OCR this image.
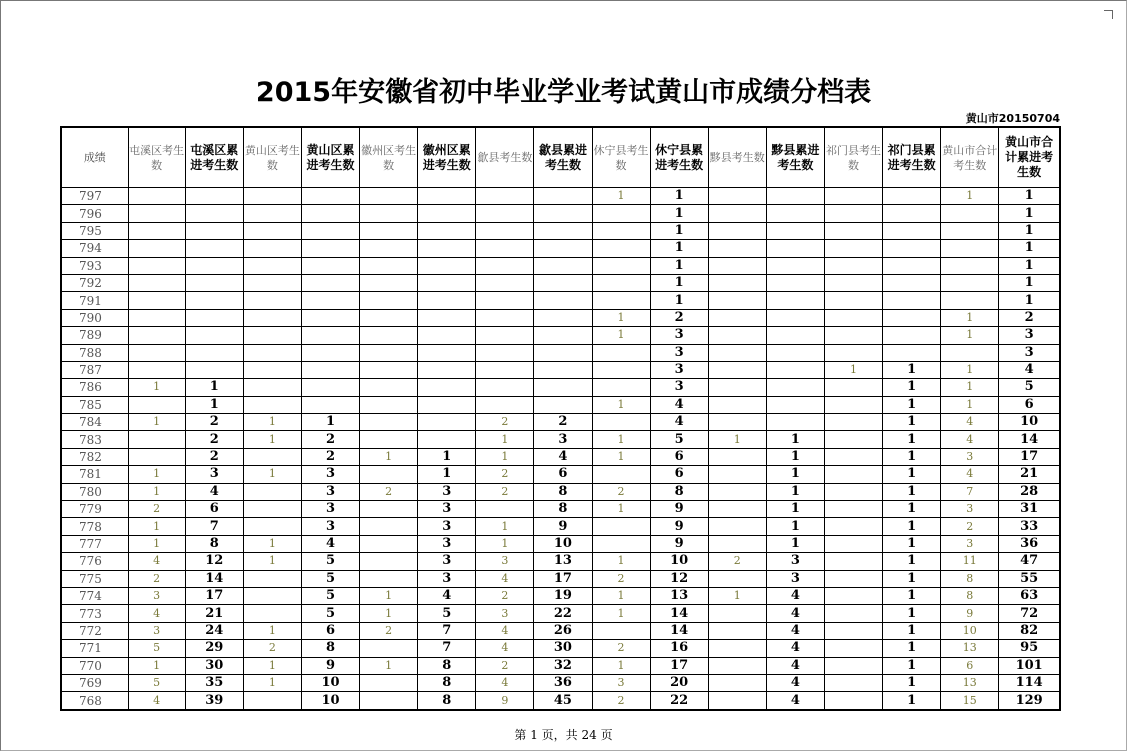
2015年安徽省初中毕业学业考试黄山市成绩分档表
黄山市20150704
成绩	屯溪区考生数	屯溪区累进考生数	黄山区考生数	黄山区累进考生数	徽州区考生数	徽州区累进考生数	歙县考生数	歙县累进考生数	休宁县考生数	休宁县累进考生数	黟县考生数	黟县累进考生数	祁门县考生数	祁门县累进考生数	黄山市合计考生数	黄山市合计累进考生数
797									1	1					1	1
796										1						1
795										1						1
794										1						1
793										1						1
792										1						1
791										1						1
790									1	2					1	2
789									1	3					1	3
788										3						3
787										3			1	1	1	4
786	1	1								3				1	1	5
785		1							1	4				1	1	6
784	1	2	1	1			2	2		4				1	4	10
783		2	1	2			1	3	1	5	1	1		1	4	14
782		2		2	1	1	1	4	1	6		1		1	3	17
781	1	3	1	3		1	2	6		6		1		1	4	21
780	1	4		3	2	3	2	8	2	8		1		1	7	28
779	2	6		3		3		8	1	9		1		1	3	31
778	1	7		3		3	1	9		9		1		1	2	33
777	1	8	1	4		3	1	10		9		1		1	3	36
776	4	12	1	5		3	3	13	1	10	2	3		1	11	47
775	2	14		5		3	4	17	2	12		3		1	8	55
774	3	17		5	1	4	2	19	1	13	1	4		1	8	63
773	4	21		5	1	5	3	22	1	14		4		1	9	72
772	3	24	1	6	2	7	4	26		14		4		1	10	82
771	5	29	2	8		7	4	30	2	16		4		1	13	95
770	1	30	1	9	1	8	2	32	1	17		4		1	6	101
769	5	35	1	10		8	4	36	3	20		4		1	13	114
768	4	39		10		8	9	45	2	22		4		1	15	129
第 1 页，共 24 页
